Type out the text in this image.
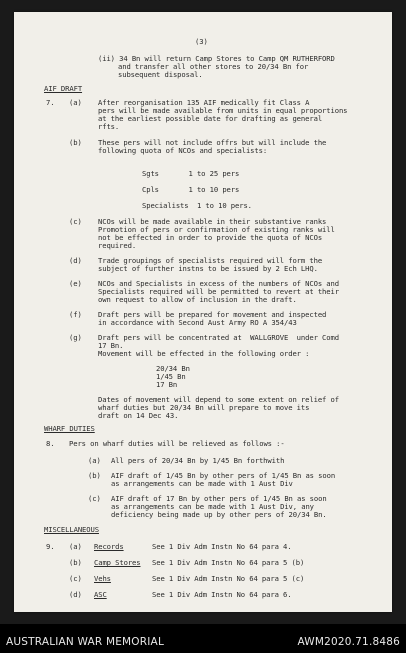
(3)
(ii) 34 Bn will return Camp Stores to Camp QM RUTHERFORD
and transfer all other stores to 20/34 Bn for
subsequent disposal.
AIF DRAFT
7. (a) After reorganisation 135 AIF medically fit Class A
pers will be made available from units in equal proportions
at the earliest possible date for drafting as general
rfts.
(b) These pers will not include offrs but will include the
following quota of NCOs and specialists:
Sgts       1 to 25 pers
Cpls       1 to 10 pers
Specialists  1 to 10 pers.
(c) NCOs will be made available in their substantive ranks
Promotion of pers or confirmation of existing ranks will
not be effected in order to provide the quota of NCOs
required.
(d) Trade groupings of specialists required will form the
subject of further instns to be issued by 2 Ech LHQ.
(e) NCOs and Specialists in excess of the numbers of NCOs and
Specialists required will be permitted to revert at their
own request to allow of inclusion in the draft.
(f) Draft pers will be prepared for movement and inspected
in accordance with Second Aust Army RO A 354/43
(g) Draft pers will be concentrated at  WALLGROVE  under Comd
17 Bn.
Movement will be effected in the following order :
20/34 Bn
1/45 Bn
17 Bn
Dates of movement will depend to some extent on relief of
wharf duties but 20/34 Bn will prepare to move its
draft on 14 Dec 43.
WHARF DUTIES
8. Pers on wharf duties will be relieved as follows :-
(a) All pers of 20/34 Bn by 1/45 Bn forthwith
(b) AIF draft of 1/45 Bn by other pers of 1/45 Bn as soon
as arrangements can be made with 1 Aust Div
(c) AIF draft of 17 Bn by other pers of 1/45 Bn as soon
as arrangements can be made with 1 Aust Div, any
deficiency being made up by other pers of 20/34 Bn.
MISCELLANEOUS
9. (a) Records	See 1 Div Adm Instn No 64 para 4.
(b) Camp Stores See 1 Div Adm Instn No 64 para 5 (b)
(c) Vehs	See 1 Div Adm Instn No 64 para 5 (c)
(d) ASC	See 1 Div Adm Instn No 64 para 6.
AUSTRALIAN WAR MEMORIAL	AWM2020.71.8486
